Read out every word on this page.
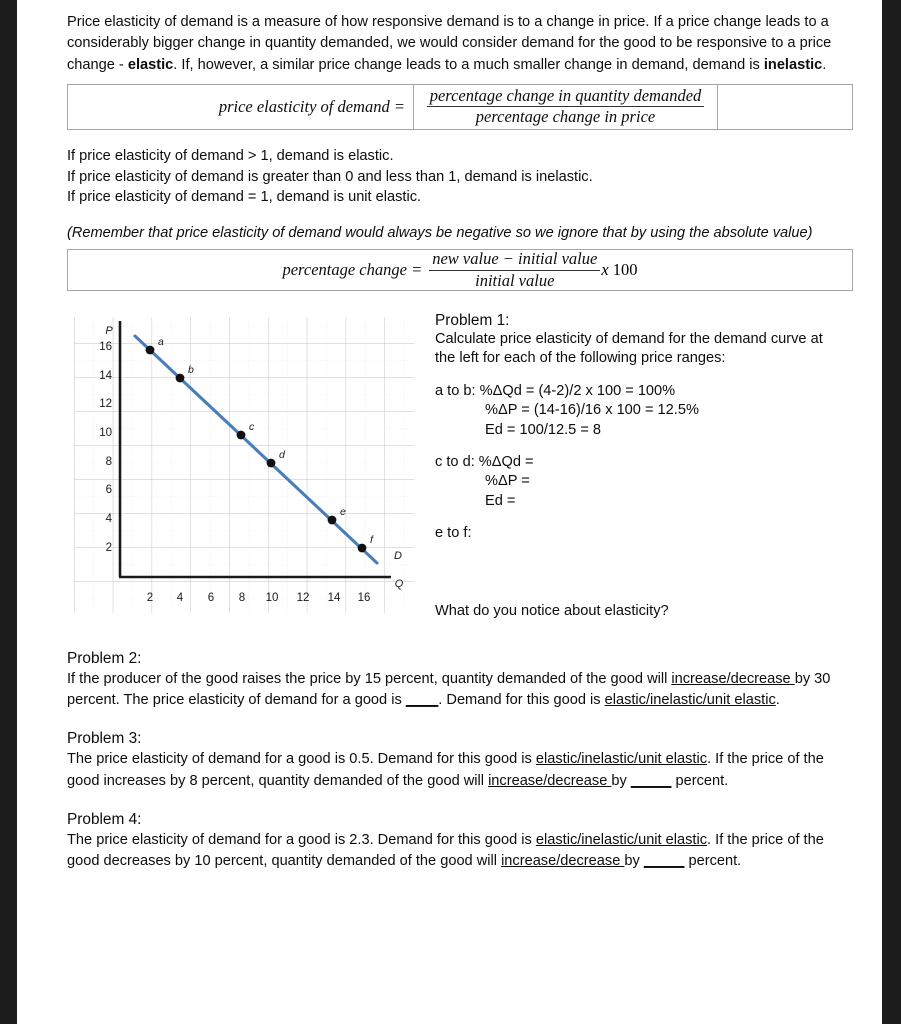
Price elasticity of demand is a measure of how responsive demand is to a change in price. If a price change leads to a considerably bigger change in quantity demanded, we would consider demand for the good to be responsive to a price change - elastic. If, however, a similar price change leads to a much smaller change in demand, demand is inelastic.

price elasticity of demand = $\frac{\text{percentage change in quantity demanded}}{\text{percentage change in price}}$
If price elasticity of demand > 1, demand is elastic.
If price elasticity of demand is greater than 0 and less than 1, demand is inelastic.
If price elasticity of demand = 1, demand is unit elastic.
(Remember that price elasticity of demand would always be negative so we ignore that by using the absolute value)
percentage change = $\frac{\text{new value − initial value}}{\text{initial value}}$ x 100
16
14
12
10
8
6
4
2
2 4 6 8 10 12 14 16
P
Q
D
a
b
c
d
e
f
Problem 1:
Calculate price elasticity of demand for the demand curve at
the left for each of the following price ranges:
a to b: %ΔQd = (4-2)/2 x 100 = 100%
%ΔP = (14-16)/16 x 100 = 12.5%
Ed = 100/12.5 = 8
c to d: %ΔQd =
%ΔP =
Ed =
e to f:
What do you notice about elasticity?
Problem 2:
If the producer of the good raises the price by 15 percent, quantity demanded of the good will increase/decrease by 30 percent. The price elasticity of demand for a good is ____. Demand for this good is elastic/inelastic/unit elastic.
Problem 3:
The price elasticity of demand for a good is 0.5. Demand for this good is elastic/inelastic/unit elastic. If the price of the good increases by 8 percent, quantity demanded of the good will increase/decrease by _____ percent.
Problem 4:
The price elasticity of demand for a good is 2.3. Demand for this good is elastic/inelastic/unit elastic. If the price of the good decreases by 10 percent, quantity demanded of the good will increase/decrease by _____ percent.
